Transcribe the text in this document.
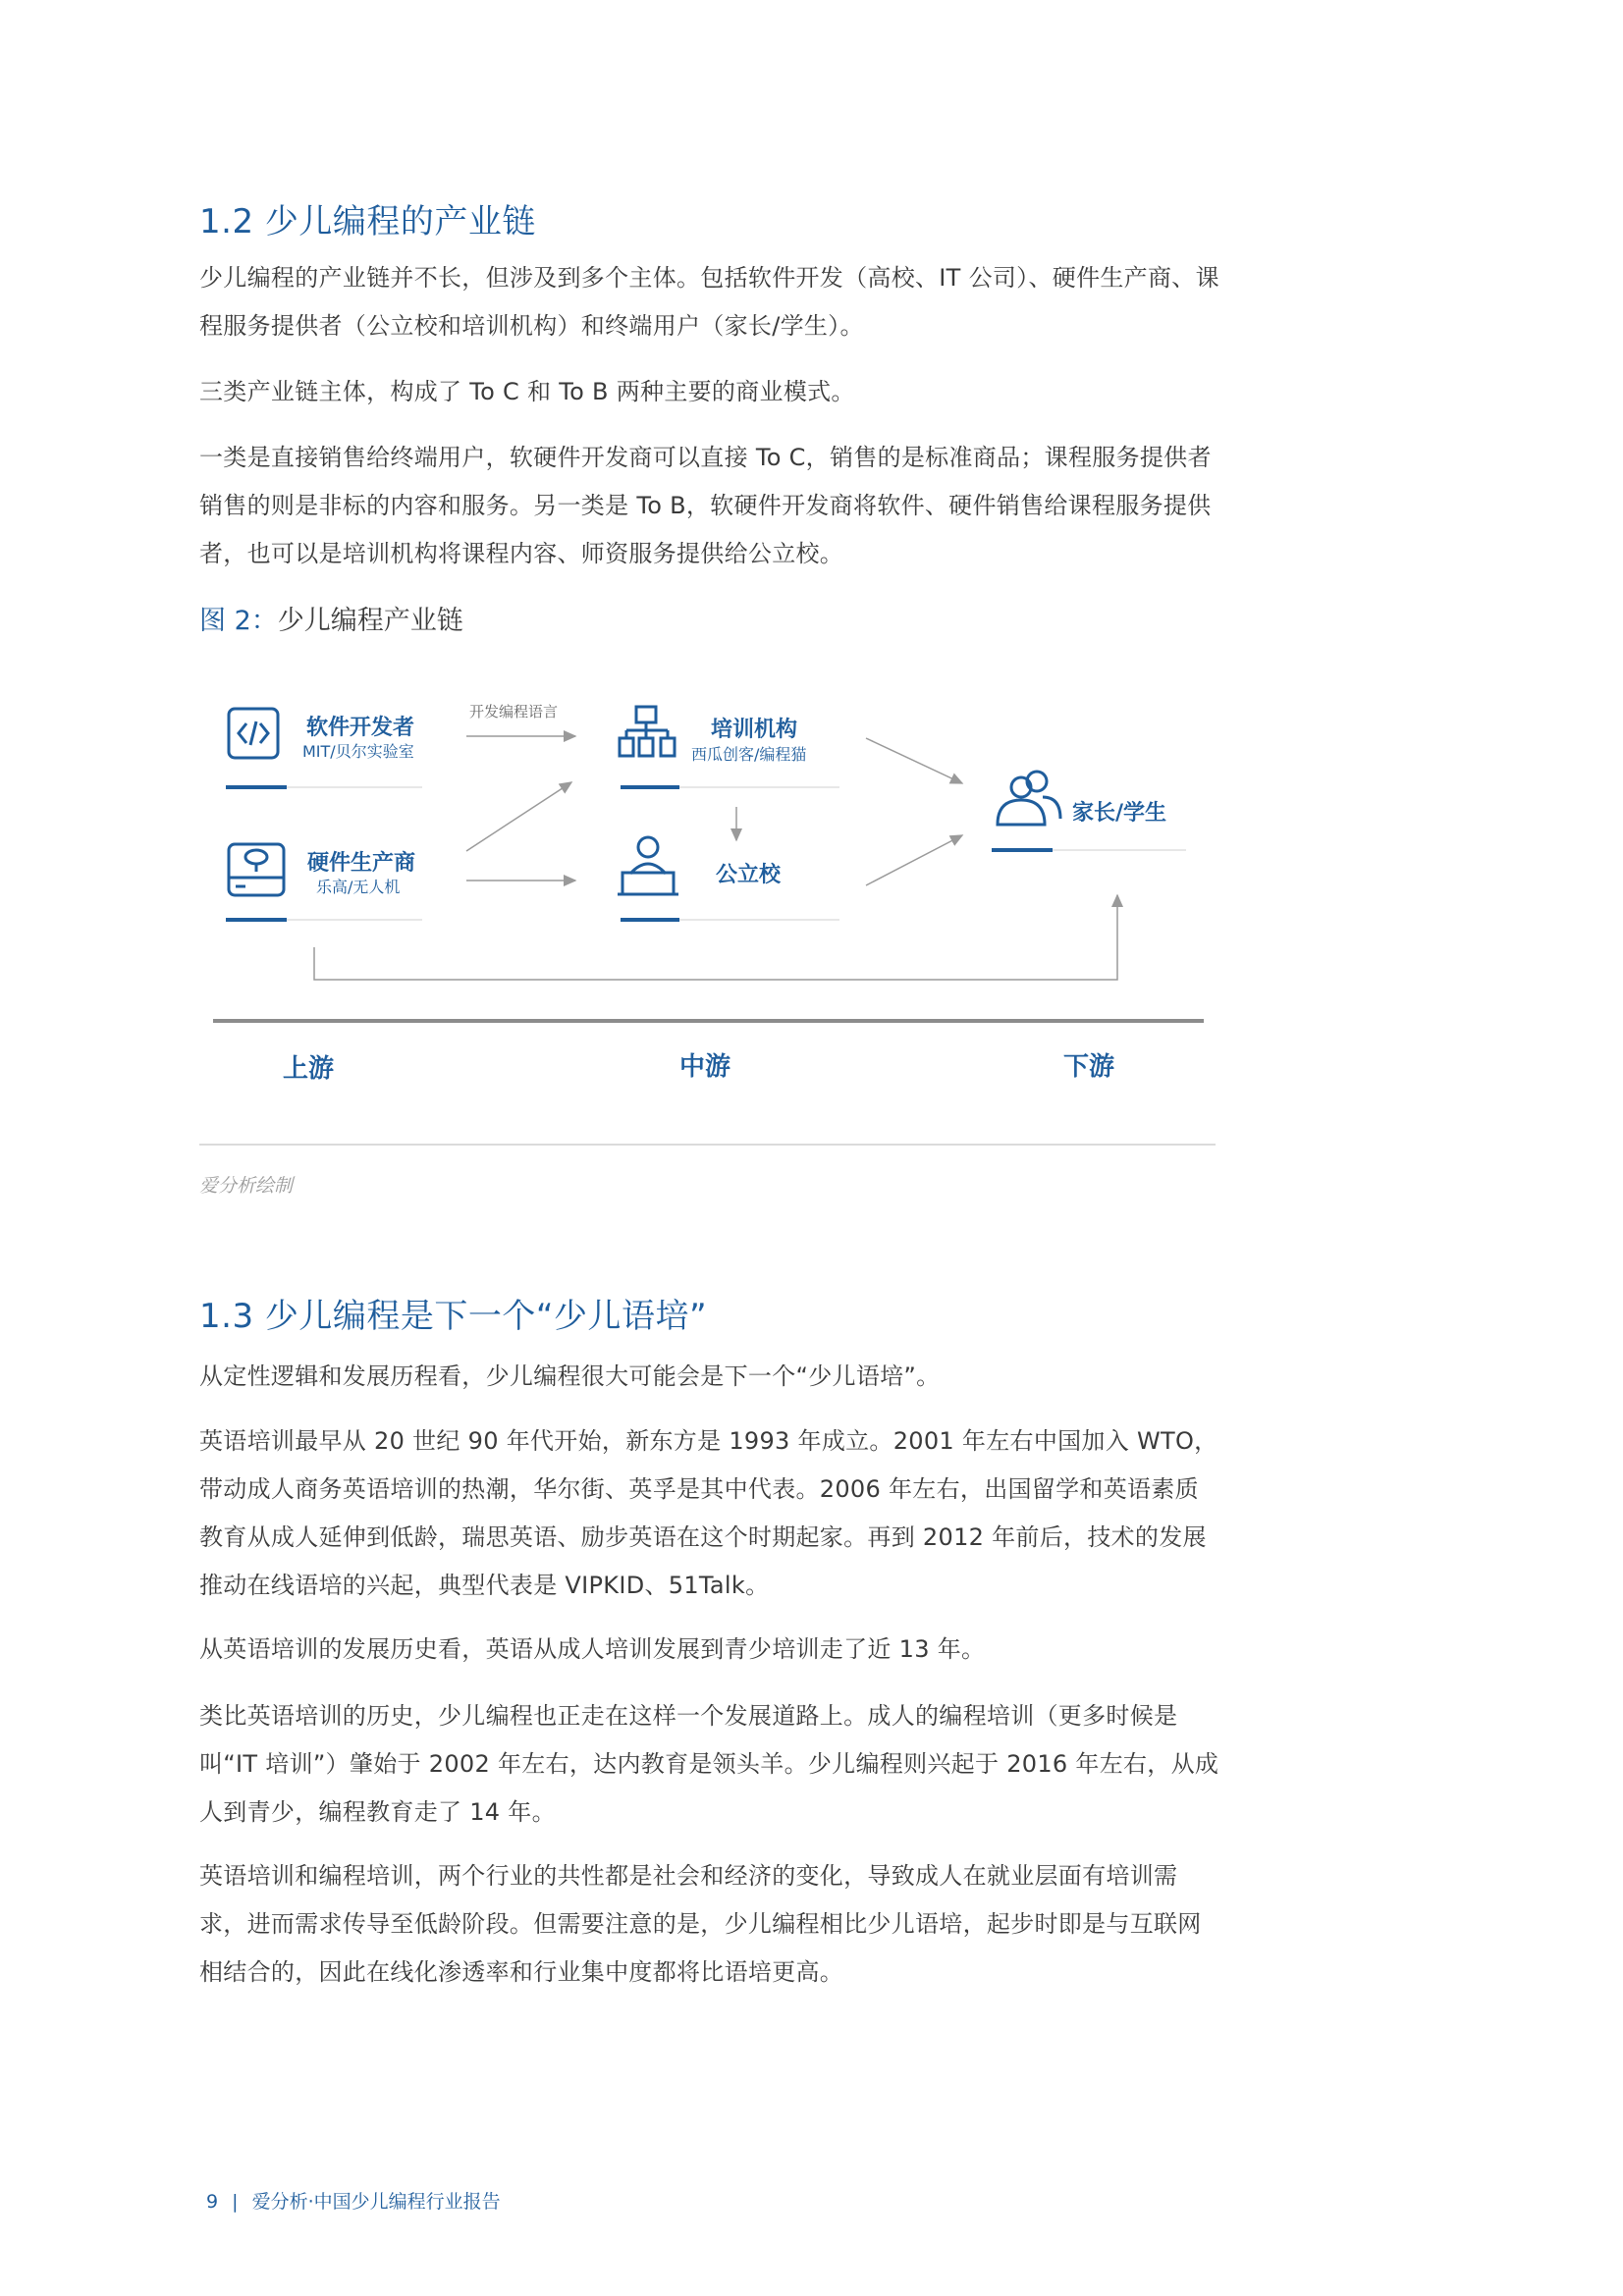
1.2 少儿编程的产业链

少儿编程的产业链并不长，但涉及到多个主体。包括软件开发（高校、IT 公司）、硬件生产商、课程服务提供者（公立校和培训机构）和终端用户（家长/学生）。

三类产业链主体，构成了 To C 和 To B 两种主要的商业模式。

一类是直接销售给终端用户，软硬件开发商可以直接 To C，销售的是标准商品；课程服务提供者销售的则是非标的内容和服务。另一类是 To B，软硬件开发商将软件、硬件销售给课程服务提供者，也可以是培训机构将课程内容、师资服务提供给公立校。

图 2：少儿编程产业链

软件开发者
MIT/贝尔实验室
硬件生产商
乐高/无人机
开发编程语言
培训机构
西瓜创客/编程猫
公立校
家长/学生
上游	中游	下游

爱分析绘制

1.3 少儿编程是下一个“少儿语培”

从定性逻辑和发展历程看，少儿编程很大可能会是下一个“少儿语培”。

英语培训最早从 20 世纪 90 年代开始，新东方是 1993 年成立。2001 年左右中国加入 WTO，带动成人商务英语培训的热潮，华尔街、英孚是其中代表。2006 年左右，出国留学和英语素质教育从成人延伸到低龄，瑞思英语、励步英语在这个时期起家。再到 2012 年前后，技术的发展推动在线语培的兴起，典型代表是 VIPKID、51Talk。

从英语培训的发展历史看，英语从成人培训发展到青少培训走了近 13 年。

类比英语培训的历史，少儿编程也正走在这样一个发展道路上。成人的编程培训（更多时候是叫“IT 培训”）肇始于 2002 年左右，达内教育是领头羊。少儿编程则兴起于 2016 年左右，从成人到青少，编程教育走了 14 年。

英语培训和编程培训，两个行业的共性都是社会和经济的变化，导致成人在就业层面有培训需求，进而需求传导至低龄阶段。但需要注意的是，少儿编程相比少儿语培，起步时即是与互联网相结合的，因此在线化渗透率和行业集中度都将比语培更高。

9 | 爱分析·中国少儿编程行业报告
